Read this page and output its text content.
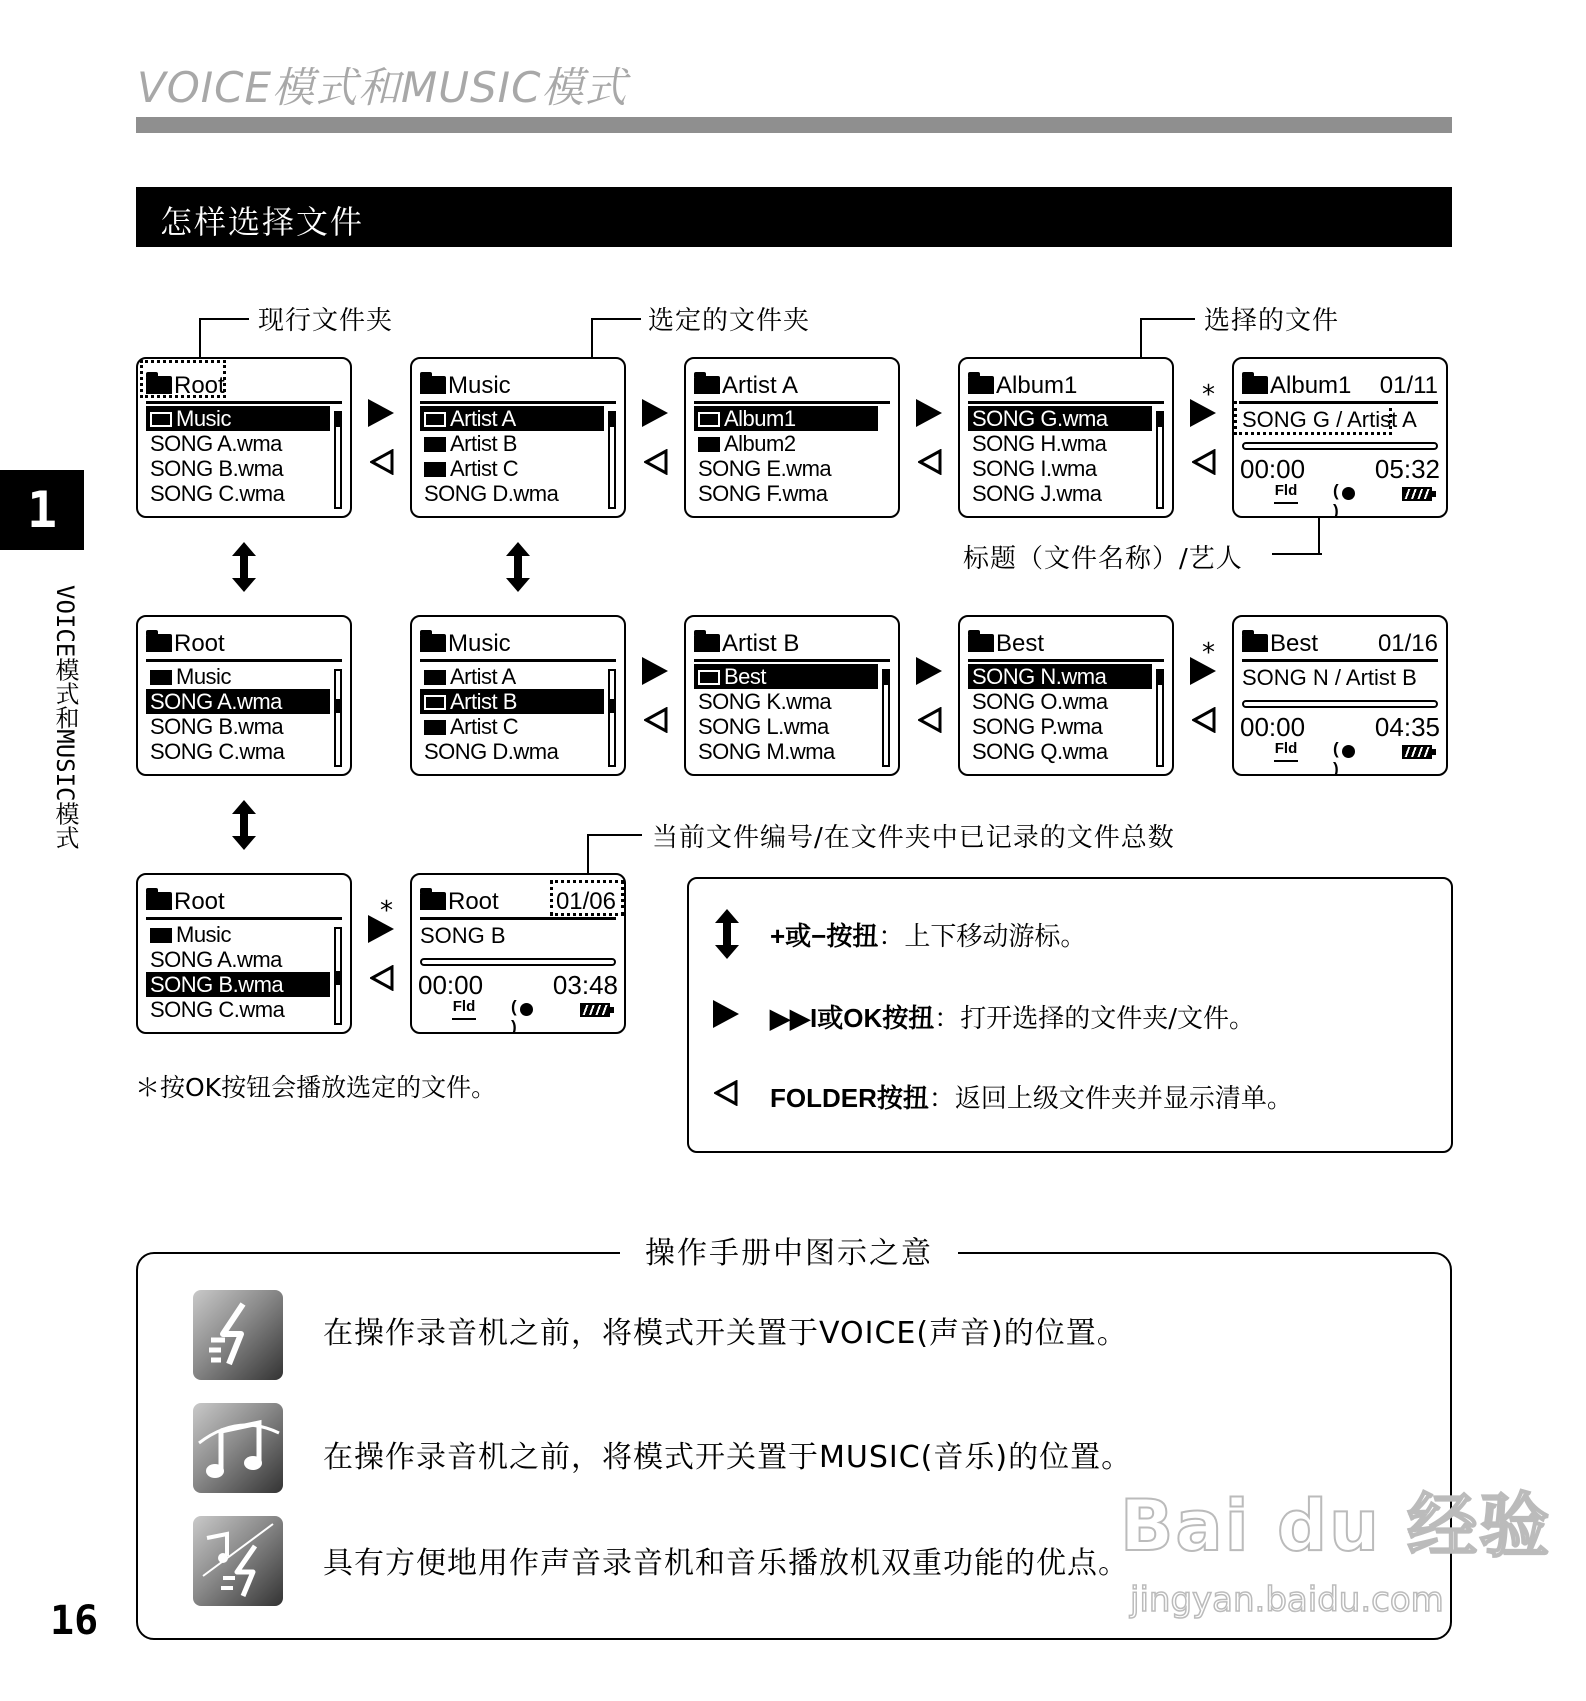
VOICE模式和MUSIC模式
怎样选择文件
1
VOICE模式和MUSIC模式
现行文件夹	选定的文件夹	选择的文件
标题（文件名称）/艺人
当前文件编号/在文件夹中已记录的文件总数
Root
Music
SONG A.wma
SONG B.wma
SONG C.wma
Music
Artist A
Artist B
Artist C
SONG D.wma
Artist A
Album1
Album2
SONG E.wma
SONG F.wma
Album1
SONG G.wma
SONG H.wma
SONG I.wma
SONG J.wma
Album1 01/11
SONG G / Artist A
00:00	05:32
Fld
( )
*
Root
Music
SONG A.wma
SONG B.wma
SONG C.wma
Music
Artist A
Artist B
Artist C
SONG D.wma
Artist B
Best
SONG K.wma
SONG L.wma
SONG M.wma
Best
SONG N.wma
SONG O.wma
SONG P.wma
SONG Q.wma
Best 01/16
SONG N / Artist B
00:00	04:35
Fld
( )
*
Root
Music
SONG A.wma
SONG B.wma
SONG C.wma
Root 01/06
SONG B
00:00	03:48
Fld
( )
*
＊按OK按钮会播放选定的文件。
+或−按扭：上下移动游标。
▶▶I或OK按扭：打开选择的文件夹/文件。
FOLDER按扭：返回上级文件夹并显示清单。
操作手册中图示之意
在操作录音机之前，将模式开关置于VOICE(声音)的位置。
在操作录音机之前，将模式开关置于MUSIC(音乐)的位置。
具有方便地用作声音录音机和音乐播放机双重功能的优点。
Bai du 经验
jingyan.baidu.com
16
